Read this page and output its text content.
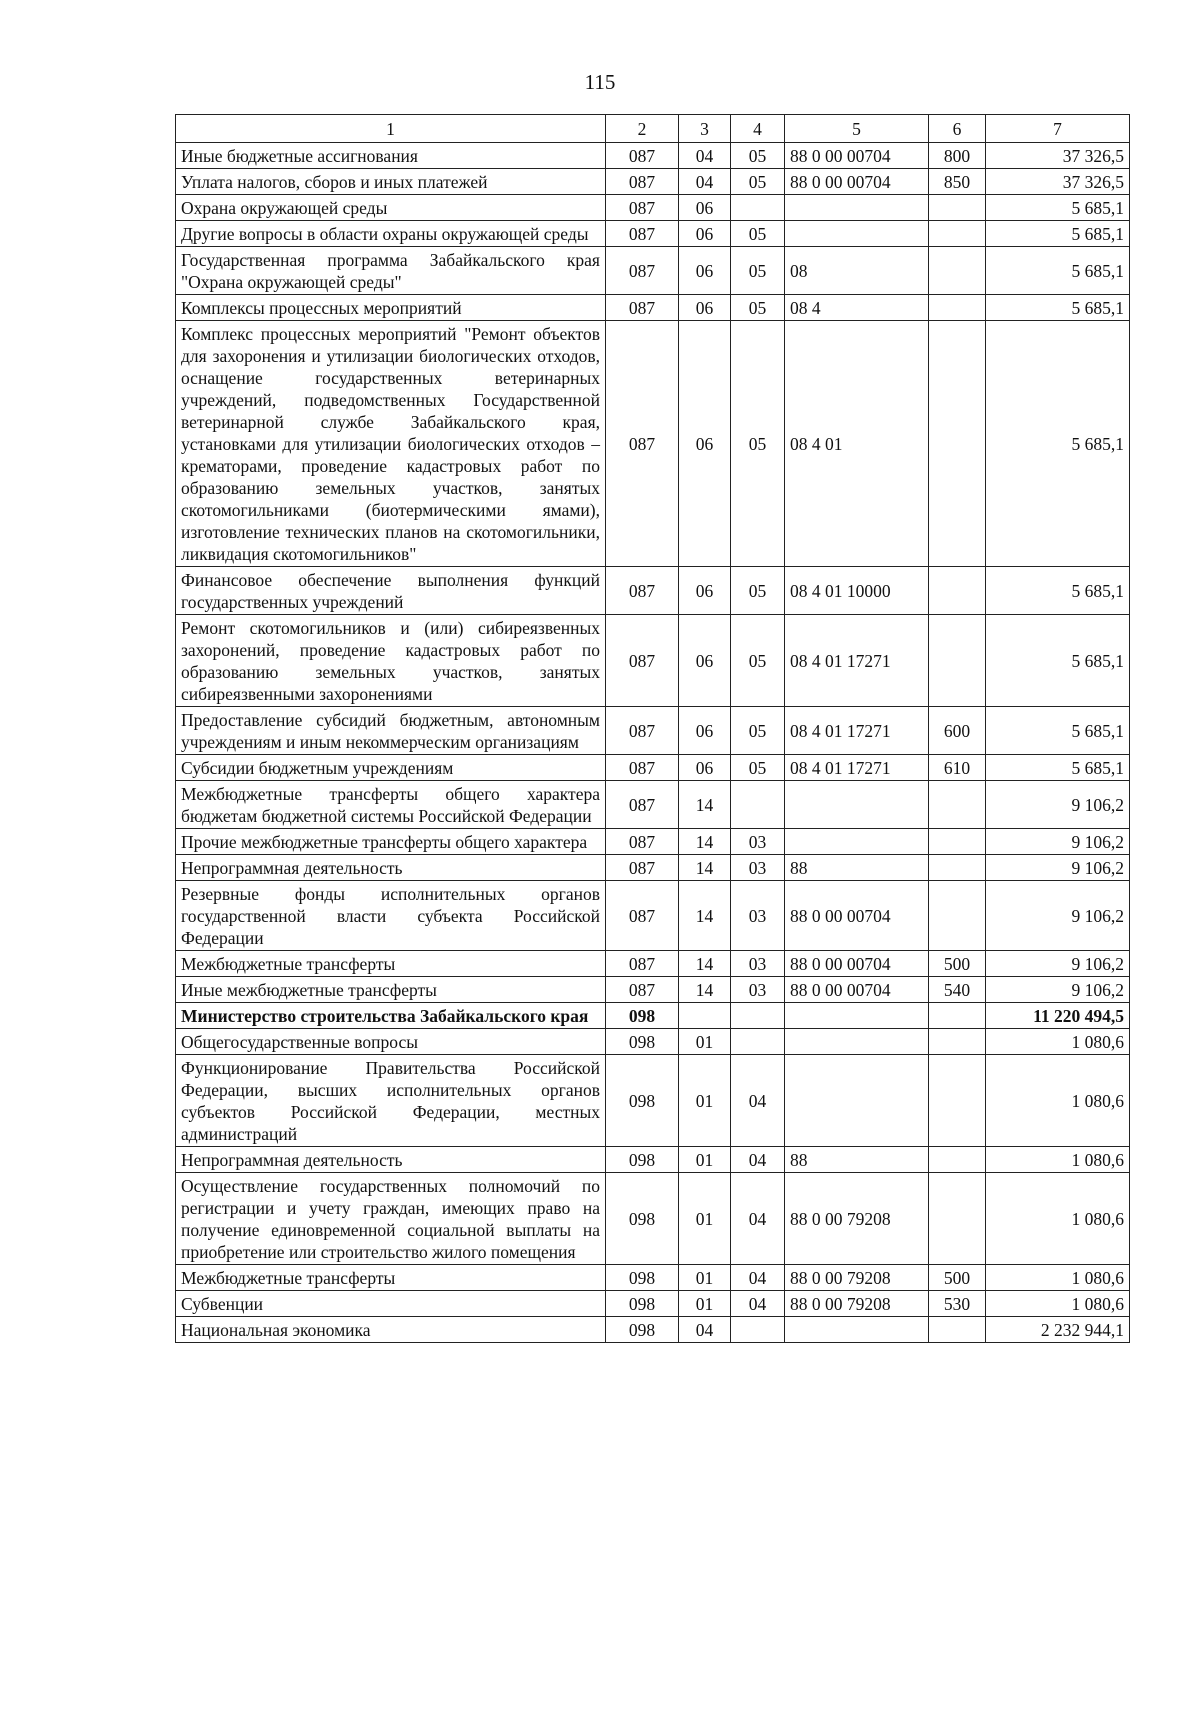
115
1	2	3	4	5	6	7
Иные бюджетные ассигнования	087	04	05	88 0 00 00704	800	37 326,5
Уплата налогов, сборов и иных платежей	087	04	05	88 0 00 00704	850	37 326,5
Охрана окружающей среды	087	06				5 685,1
Другие вопросы в области охраны окружающей среды	087	06	05			5 685,1
Государственная программа Забайкальского края "Охрана окружающей среды"	087	06	05	08		5 685,1
Комплексы процессных мероприятий	087	06	05	08 4		5 685,1
Комплекс процессных мероприятий "Ремонт объектов для захоронения и утилизации биологических отходов, оснащение государственных ветеринарных учреждений, подведомственных Государственной ветеринарной службе Забайкальского края, установками для утилизации биологических отходов – крематорами, проведение кадастровых работ по образованию земельных участков, занятых скотомогильниками (биотермическими ямами), изготовление технических планов на скотомогильники, ликвидация скотомогильников"	087	06	05	08 4 01		5 685,1
Финансовое обеспечение выполнения функций государственных учреждений	087	06	05	08 4 01 10000		5 685,1
Ремонт скотомогильников и (или) сибиреязвенных захоронений, проведение кадастровых работ по образованию земельных участков, занятых сибиреязвенными захоронениями	087	06	05	08 4 01 17271		5 685,1
Предоставление субсидий бюджетным, автономным учреждениям и иным некоммерческим организациям	087	06	05	08 4 01 17271	600	5 685,1
Субсидии бюджетным учреждениям	087	06	05	08 4 01 17271	610	5 685,1
Межбюджетные трансферты общего характера бюджетам бюджетной системы Российской Федерации	087	14				9 106,2
Прочие межбюджетные трансферты общего характера	087	14	03			9 106,2
Непрограммная деятельность	087	14	03	88		9 106,2
Резервные фонды исполнительных органов государственной власти субъекта Российской Федерации	087	14	03	88 0 00 00704		9 106,2
Межбюджетные трансферты	087	14	03	88 0 00 00704	500	9 106,2
Иные межбюджетные трансферты	087	14	03	88 0 00 00704	540	9 106,2
Министерство строительства Забайкальского края	098					11 220 494,5
Общегосударственные вопросы	098	01				1 080,6
Функционирование Правительства Российской Федерации, высших исполнительных органов субъектов Российской Федерации, местных администраций	098	01	04			1 080,6
Непрограммная деятельность	098	01	04	88		1 080,6
Осуществление государственных полномочий по регистрации и учету граждан, имеющих право на получение единовременной социальной выплаты на приобретение или строительство жилого помещения	098	01	04	88 0 00 79208		1 080,6
Межбюджетные трансферты	098	01	04	88 0 00 79208	500	1 080,6
Субвенции	098	01	04	88 0 00 79208	530	1 080,6
Национальная экономика	098	04				2 232 944,1
